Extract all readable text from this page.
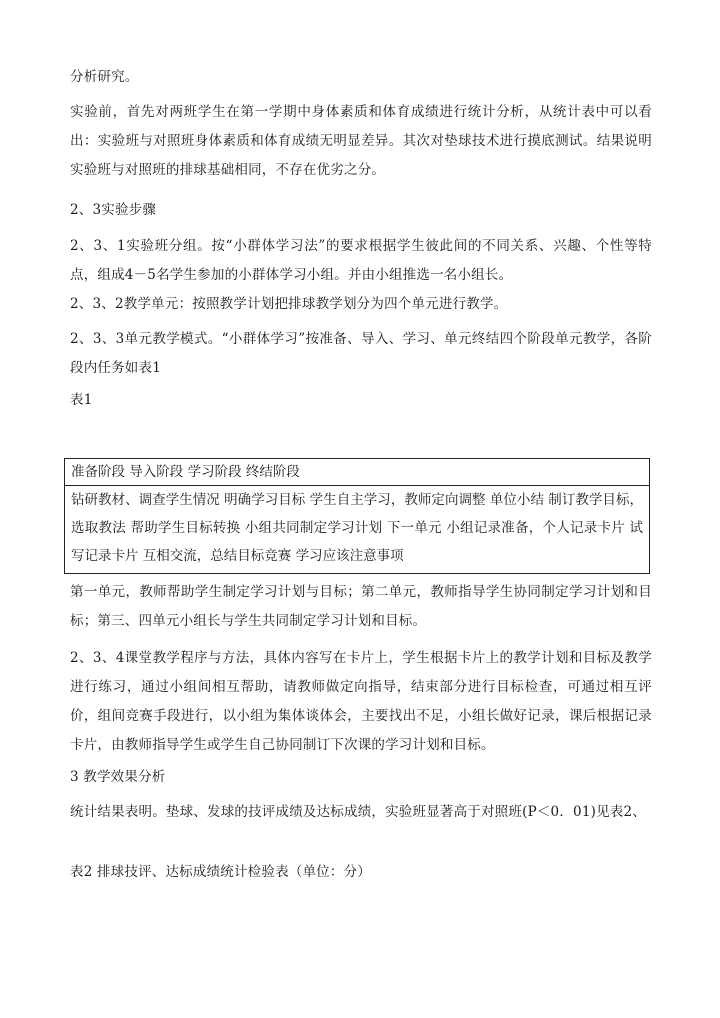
分析研究。

实验前，首先对两班学生在第一学期中身体素质和体育成绩进行统计分析，从统计表中可以看出：实验班与对照班身体素质和体育成绩无明显差异。其次对垫球技术进行摸底测试。结果说明实验班与对照班的排球基础相同，不存在优劣之分。

2、3实验步骤

2、3、1实验班分组。按“小群体学习法”的要求根据学生彼此间的不同关系、兴趣、个性等特点，组成4－5名学生参加的小群体学习小组。并由小组推选一名小组长。

2、3、2教学单元：按照教学计划把排球教学划分为四个单元进行教学。

2、3、3单元教学模式。“小群体学习”按准备、导入、学习、单元终结四个阶段单元教学，各阶段内任务如表1

表1

准备阶段 导入阶段 学习阶段 终结阶段
钻研教材、调查学生情况 明确学习目标 学生自主学习，教师定向调整 单位小结 制订教学目标，选取教法 帮助学生目标转换 小组共同制定学习计划 下一单元 小组记录准备，个人记录卡片 试写记录卡片 互相交流，总结目标竞赛 学习应该注意事项

第一单元，教师帮助学生制定学习计划与目标；第二单元，教师指导学生协同制定学习计划和目标；第三、四单元小组长与学生共同制定学习计划和目标。

2、3、4课堂教学程序与方法，具体内容写在卡片上，学生根据卡片上的教学计划和目标及教学进行练习，通过小组间相互帮助，请教师做定向指导，结束部分进行目标检查，可通过相互评价，组间竞赛手段进行，以小组为集体谈体会，主要找出不足，小组长做好记录，课后根据记录卡片，由教师指导学生或学生自己协同制订下次课的学习计划和目标。

3 教学效果分析

统计结果表明。垫球、发球的技评成绩及达标成绩，实验班显著高于对照班(P＜0．01)见表2、

表2 排球技评、达标成绩统计检验表（单位：分）
